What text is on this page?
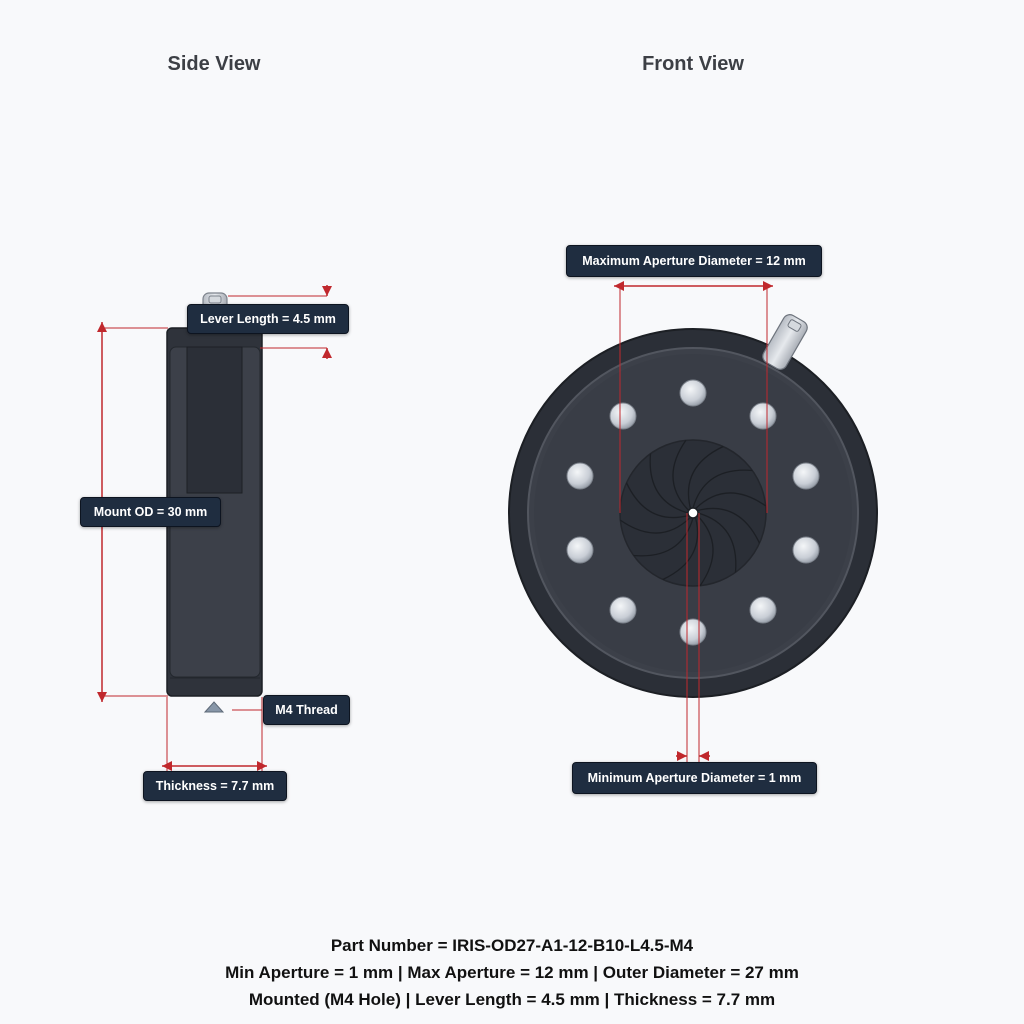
Side View	Front View
Lever Length = 4.5 mm
Mount OD = 30 mm
M4 Thread
Thickness = 7.7 mm
Maximum Aperture Diameter = 12 mm
Minimum Aperture Diameter = 1 mm
Part Number = IRIS-OD27-A1-12-B10-L4.5-M4
Min Aperture = 1 mm | Max Aperture = 12 mm | Outer Diameter = 27 mm
Mounted (M4 Hole) | Lever Length = 4.5 mm | Thickness = 7.7 mm
